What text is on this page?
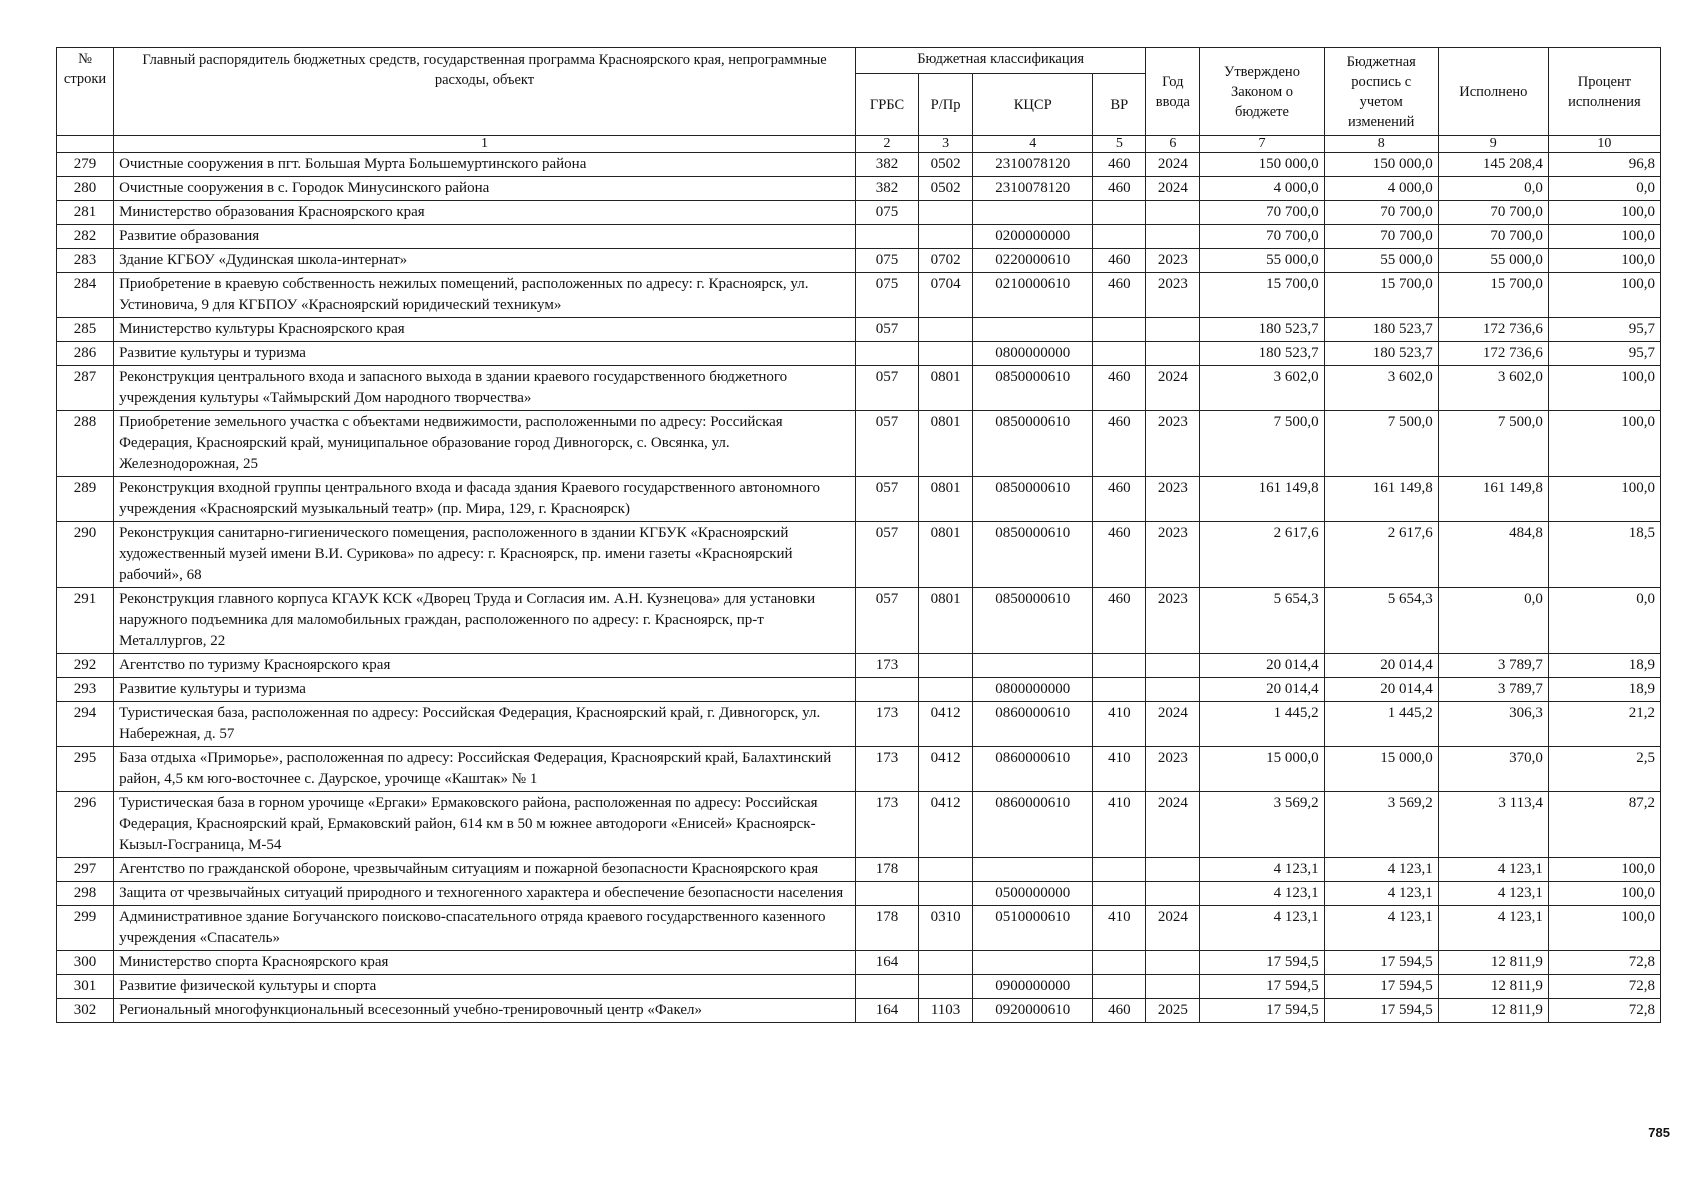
№ строки	Главный распорядитель бюджетных средств, государственная программа Красноярского края, непрограммные расходы, объект	Бюджетная классификация				Год ввода	Утверждено Законом о бюджете	Бюджетная роспись с учетом изменений	Исполнено	Процент исполнения
		ГРБС	Р/Пр	КЦСР	ВР					
	1	2	3	4	5	6	7	8	9	10
279	Очистные сооружения в пгт. Большая Мурта Большемуртинского района	382	0502	2310078120	460	2024	150 000,0	150 000,0	145 208,4	96,8
280	Очистные сооружения в с. Городок Минусинского района	382	0502	2310078120	460	2024	4 000,0	4 000,0	0,0	0,0
281	Министерство образования Красноярского края	075					70 700,0	70 700,0	70 700,0	100,0
282	Развитие образования			0200000000			70 700,0	70 700,0	70 700,0	100,0
283	Здание КГБОУ «Дудинская школа-интернат»	075	0702	0220000610	460	2023	55 000,0	55 000,0	55 000,0	100,0
284	Приобретение в краевую собственность нежилых помещений, расположенных по адресу: г. Красноярск, ул. Устиновича, 9 для КГБПОУ «Красноярский юридический техникум»	075	0704	0210000610	460	2023	15 700,0	15 700,0	15 700,0	100,0
285	Министерство культуры Красноярского края	057					180 523,7	180 523,7	172 736,6	95,7
286	Развитие культуры и туризма			0800000000			180 523,7	180 523,7	172 736,6	95,7
287	Реконструкция центрального входа и запасного выхода в здании краевого государственного бюджетного учреждения культуры «Таймырский Дом народного творчества»	057	0801	0850000610	460	2024	3 602,0	3 602,0	3 602,0	100,0
288	Приобретение земельного участка с объектами недвижимости, расположенными по адресу: Российская Федерация, Красноярский край, муниципальное образование город Дивногорск, с. Овсянка, ул. Железнодорожная, 25	057	0801	0850000610	460	2023	7 500,0	7 500,0	7 500,0	100,0
289	Реконструкция входной группы центрального входа и фасада здания Краевого государственного автономного учреждения «Красноярский музыкальный театр» (пр. Мира, 129, г. Красноярск)	057	0801	0850000610	460	2023	161 149,8	161 149,8	161 149,8	100,0
290	Реконструкция санитарно-гигиенического помещения, расположенного в здании КГБУК «Красноярский художественный музей имени В.И. Сурикова» по адресу: г. Красноярск, пр. имени газеты «Красноярский рабочий», 68	057	0801	0850000610	460	2023	2 617,6	2 617,6	484,8	18,5
291	Реконструкция главного корпуса КГАУК КСК «Дворец Труда и Согласия им. А.Н. Кузнецова» для установки наружного подъемника для маломобильных граждан, расположенного по адресу: г. Красноярск, пр-т Металлургов, 22	057	0801	0850000610	460	2023	5 654,3	5 654,3	0,0	0,0
292	Агентство по туризму Красноярского края	173					20 014,4	20 014,4	3 789,7	18,9
293	Развитие культуры и туризма			0800000000			20 014,4	20 014,4	3 789,7	18,9
294	Туристическая база, расположенная по адресу: Российская Федерация, Красноярский край, г. Дивногорск, ул. Набережная, д. 57	173	0412	0860000610	410	2024	1 445,2	1 445,2	306,3	21,2
295	База отдыха «Приморье», расположенная по адресу: Российская Федерация, Красноярский край, Балахтинский район, 4,5 км юго-восточнее с. Даурское, урочище «Каштак» № 1	173	0412	0860000610	410	2023	15 000,0	15 000,0	370,0	2,5
296	Туристическая база в горном урочище «Ергаки» Ермаковского района, расположенная по адресу: Российская Федерация, Красноярский край, Ермаковский район, 614 км в 50 м южнее автодороги «Енисей» Красноярск-Кызыл-Госграница, М-54	173	0412	0860000610	410	2024	3 569,2	3 569,2	3 113,4	87,2
297	Агентство по гражданской обороне, чрезвычайным ситуациям и пожарной безопасности Красноярского края	178					4 123,1	4 123,1	4 123,1	100,0
298	Защита от чрезвычайных ситуаций природного и техногенного характера и обеспечение безопасности населения			0500000000			4 123,1	4 123,1	4 123,1	100,0
299	Административное здание Богучанского поисково-спасательного отряда краевого государственного казенного учреждения «Спасатель»	178	0310	0510000610	410	2024	4 123,1	4 123,1	4 123,1	100,0
300	Министерство спорта Красноярского края	164					17 594,5	17 594,5	12 811,9	72,8
301	Развитие физической культуры и спорта			0900000000			17 594,5	17 594,5	12 811,9	72,8
302	Региональный многофункциональный всесезонный учебно-тренировочный центр «Факел»	164	1103	0920000610	460	2025	17 594,5	17 594,5	12 811,9	72,8
785
